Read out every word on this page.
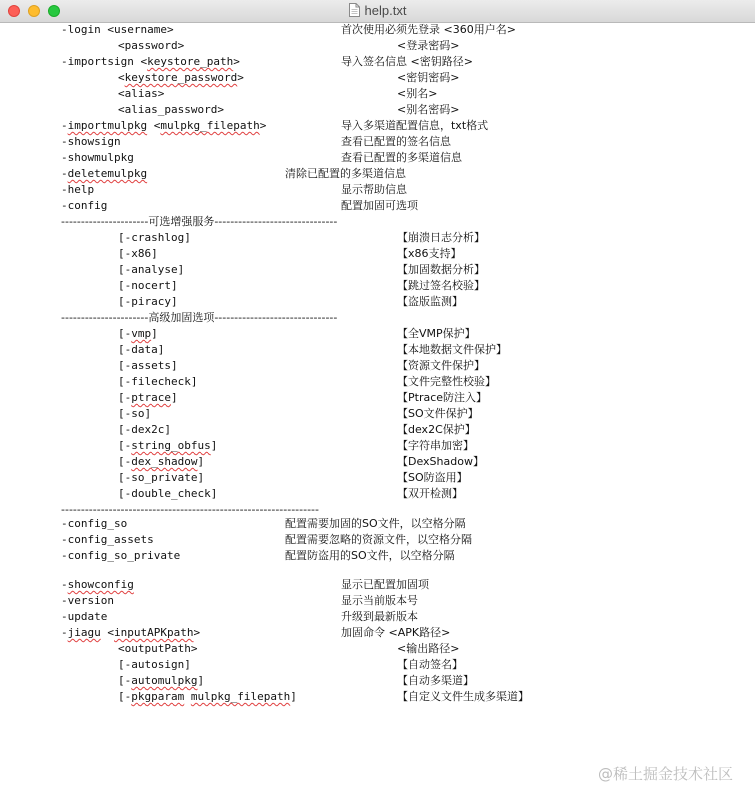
help.txt
-login <username>	首次使用必须先登录 <360用户名>
<password>	<登录密码>
-importsign <keystore_path>	导入签名信息 <密钥路径>
<keystore_password>	<密钥密码>
<alias>	<别名>
<alias_password>	<别名密码>
-importmulpkg <mulpkg_filepath>	导入多渠道配置信息，txt格式
-showsign	查看已配置的签名信息
-showmulpkg	查看已配置的多渠道信息
-deletemulpkg	清除已配置的多渠道信息
-help	显示帮助信息
-config	配置加固可选项
----------------------可选增强服务-------------------------------
[-crashlog]	【崩溃日志分析】
[-x86]	【x86支持】
[-analyse]	【加固数据分析】
[-nocert]	【跳过签名校验】
[-piracy]	【盗版监测】
----------------------高级加固选项-------------------------------
[-vmp]	【全VMP保护】
[-data]	【本地数据文件保护】
[-assets]	【资源文件保护】
[-filecheck]	【文件完整性校验】
[-ptrace]	【Ptrace防注入】
[-so]	【SO文件保护】
[-dex2c]	【dex2C保护】
[-string_obfus]	【字符串加密】
[-dex_shadow]	【DexShadow】
[-so_private]	【SO防盗用】
[-double_check]	【双开检测】
-----------------------------------------------------------------
-config_so	配置需要加固的SO文件，以空格分隔
-config_assets	配置需要忽略的资源文件，以空格分隔
-config_so_private	配置防盗用的SO文件，以空格分隔
-showconfig	显示已配置加固项
-version	显示当前版本号
-update	升级到最新版本
-jiagu <inputAPKpath>	加固命令 <APK路径>
<outputPath>	<输出路径>
[-autosign]	【自动签名】
[-automulpkg]	【自动多渠道】
[-pkgparam mulpkg_filepath]	【自定义文件生成多渠道】
@稀土掘金技术社区
